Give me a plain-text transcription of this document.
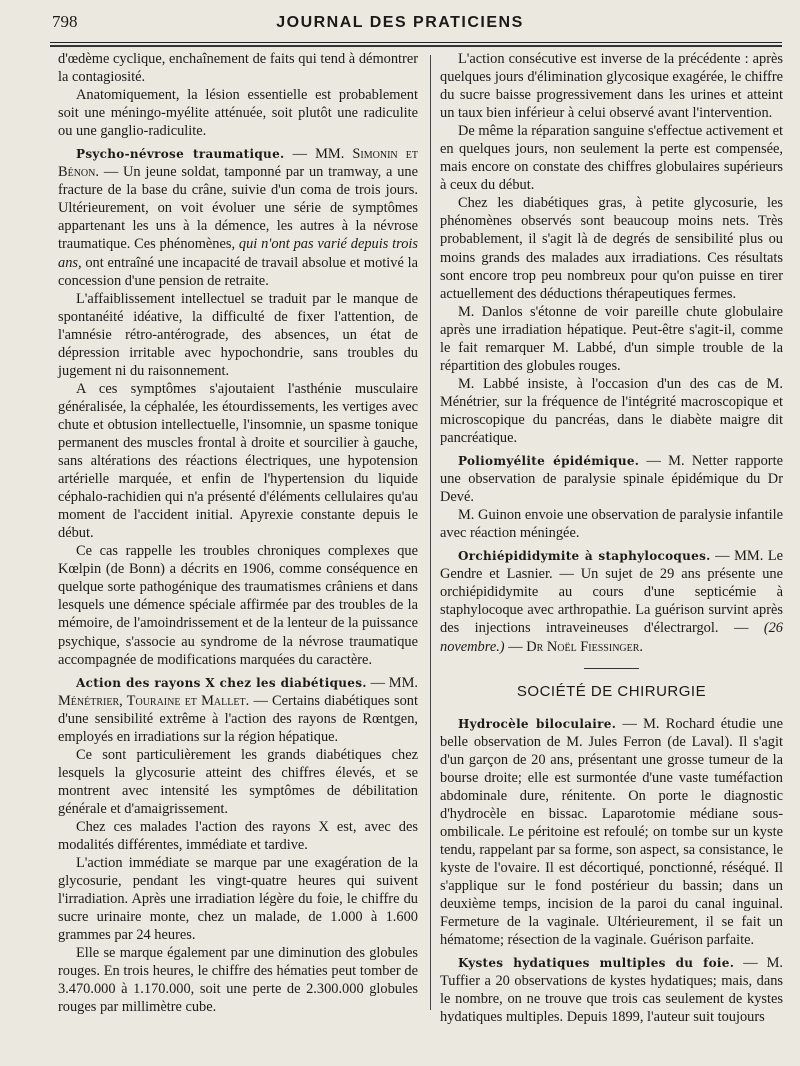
798	JOURNAL DES PRATICIENS

d'œdème cyclique, enchaînement de faits qui tend à démontrer la contagiosité.

Anatomiquement, la lésion essentielle est probablement soit une méningo-myélite atténuée, soit plutôt une radiculite ou une ganglio-radiculite.

Psycho-névrose traumatique. — MM. Simonin et Bénon. — Un jeune soldat, tamponné par un tramway, a une fracture de la base du crâne, suivie d'un coma de trois jours. Ultérieurement, on voit évoluer une série de symptômes appartenant les uns à la démence, les autres à la névrose traumatique. Ces phénomènes, qui n'ont pas varié depuis trois ans, ont entraîné une incapacité de travail absolue et motivé la concession d'une pension de retraite.

L'affaiblissement intellectuel se traduit par le manque de spontanéité idéative, la difficulté de fixer l'attention, de l'amnésie rétro-antérograde, des absences, un état de dépression irritable avec hypochondrie, sans troubles du jugement ni du raisonnement.

A ces symptômes s'ajoutaient l'asthénie musculaire généralisée, la céphalée, les étourdissements, les vertiges avec chute et obtusion intellectuelle, l'insomnie, un spasme tonique permanent des muscles frontal à droite et sourcilier à gauche, sans altérations des réactions électriques, une hypotension artérielle marquée, et enfin de l'hypertension du liquide céphalo-rachidien qui n'a présenté d'éléments cellulaires qu'au moment de l'accident initial. Apyrexie constante depuis le début.

Ce cas rappelle les troubles chroniques complexes que Kœlpin (de Bonn) a décrits en 1906, comme conséquence en quelque sorte pathogénique des traumatismes crâniens et dans lesquels une démence spéciale affirmée par des troubles de la mémoire, de l'amoindrissement et de la lenteur de la puissance psychique, s'associe au syndrome de la névrose traumatique accompagnée de modifications marquées du caractère.

Action des rayons X chez les diabétiques. — MM. Ménétrier, Touraine et Mallet. — Certains diabétiques sont d'une sensibilité extrême à l'action des rayons de Rœntgen, employés en irradiations sur la région hépatique.

Ce sont particulièrement les grands diabétiques chez lesquels la glycosurie atteint des chiffres élevés, et se montrent avec intensité les symptômes de débilitation générale et d'amaigrissement.

Chez ces malades l'action des rayons X est, avec des modalités différentes, immédiate et tardive.

L'action immédiate se marque par une exagération de la glycosurie, pendant les vingt-quatre heures qui suivent l'irradiation. Après une irradiation légère du foie, le chiffre du sucre urinaire monte, chez un malade, de 1.000 à 1.600 grammes par 24 heures.

Elle se marque également par une diminution des globules rouges. En trois heures, le chiffre des hématies peut tomber de 3.470.000 à 1.170.000, soit une perte de 2.300.000 globules rouges par millimètre cube.

L'action consécutive est inverse de la précédente : après quelques jours d'élimination glycosique exagérée, le chiffre du sucre baisse progressivement dans les urines et atteint un taux bien inférieur à celui observé avant l'intervention.

De même la réparation sanguine s'effectue activement et en quelques jours, non seulement la perte est compensée, mais encore on constate des chiffres globulaires supérieurs à ceux du début.

Chez les diabétiques gras, à petite glycosurie, les phénomènes observés sont beaucoup moins nets. Très probablement, il s'agit là de degrés de sensibilité plus ou moins grands des malades aux irradiations. Ces résultats sont encore trop peu nombreux pour qu'on puisse en tirer actuellement des déductions thérapeutiques fermes.

M. Danlos s'étonne de voir pareille chute globulaire après une irradiation hépatique. Peut-être s'agit-il, comme le fait remarquer M. Labbé, d'un simple trouble de la répartition des globules rouges.

M. Labbé insiste, à l'occasion d'un des cas de M. Ménétrier, sur la fréquence de l'intégrité macroscopique et microscopique du pancréas, dans le diabète maigre dit pancréatique.

Poliomyélite épidémique. — M. Netter rapporte une observation de paralysie spinale épidémique du Dr Devé.

M. Guinon envoie une observation de paralysie infantile avec réaction méningée.

Orchiépididymite à staphylocoques. — MM. Le Gendre et Lasnier. — Un sujet de 29 ans présente une orchiépididymite au cours d'une septicémie à staphylocoque avec arthropathie. La guérison survint après des injections intraveineuses d'électrargol. — (26 novembre.) — Dr Noël Fiessinger.

SOCIÉTÉ DE CHIRURGIE

Hydrocèle biloculaire. — M. Rochard étudie une belle observation de M. Jules Ferron (de Laval). Il s'agit d'un garçon de 20 ans, présentant une grosse tumeur de la bourse droite; elle est surmontée d'une vaste tuméfaction abdominale dure, rénitente. On porte le diagnostic d'hydrocèle en bissac. Laparotomie médiane sous-ombilicale. Le péritoine est refoulé; on tombe sur un kyste tendu, rappelant par sa forme, son aspect, sa consistance, le kyste de l'ovaire. Il est décortiqué, ponctionné, réséqué. Il s'applique sur le fond postérieur du bassin; dans un deuxième temps, incision de la paroi du canal inguinal. Fermeture de la vaginale. Ultérieurement, il se fait un hématome; résection de la vaginale. Guérison parfaite.

Kystes hydatiques multiples du foie. — M. Tuffier a 20 observations de kystes hydatiques; mais, dans le nombre, on ne trouve que trois cas seulement de kystes hydatiques multiples. Depuis 1899, l'auteur suit toujours
